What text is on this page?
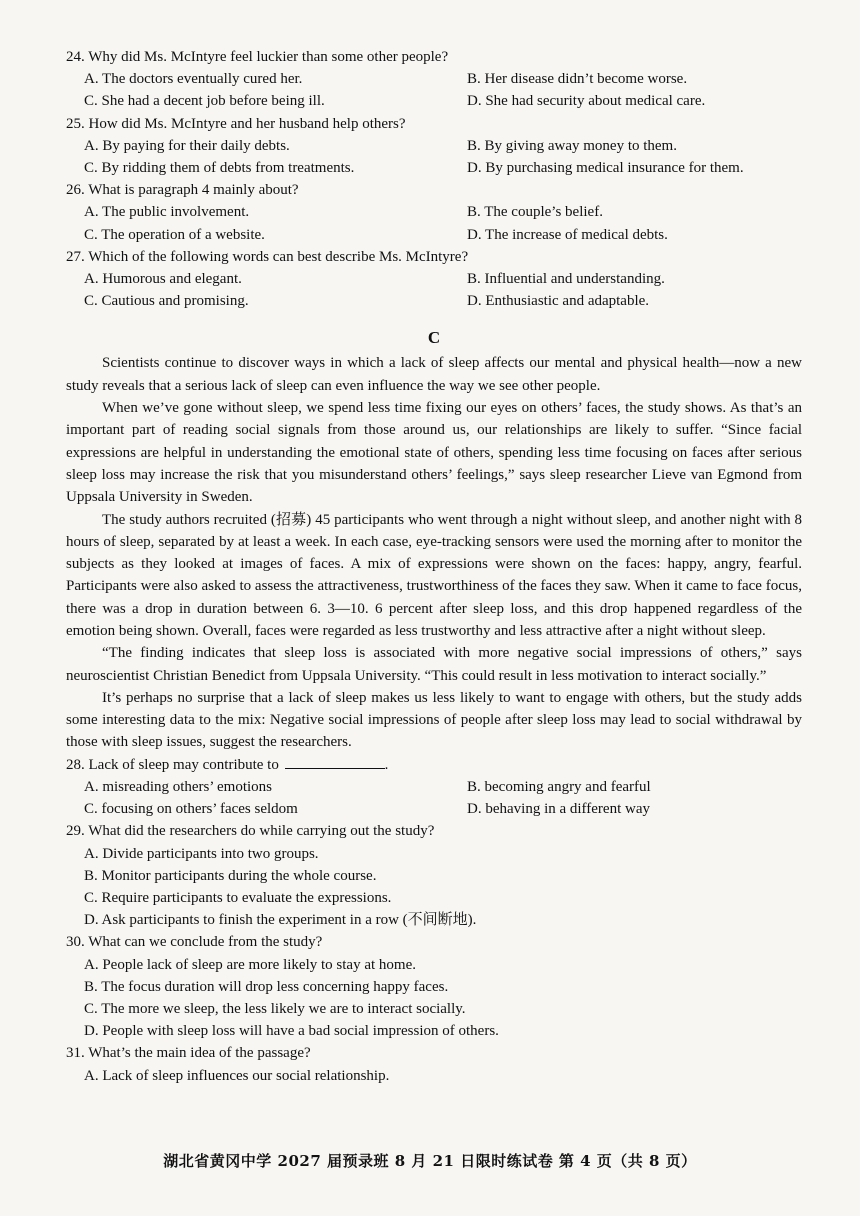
24. Why did Ms. McIntyre feel luckier than some other people?

A. The doctors eventually cured her.	B. Her disease didn’t become worse.
C. She had a decent job before being ill.	D. She had security about medical care.

25. How did Ms. McIntyre and her husband help others?

A. By paying for their daily debts.	B. By giving away money to them.
C. By ridding them of debts from treatments.	D. By purchasing medical insurance for them.

26. What is paragraph 4 mainly about?

A. The public involvement.	B. The couple’s belief.
C. The operation of a website.	D. The increase of medical debts.

27. Which of the following words can best describe Ms. McIntyre?

A. Humorous and elegant.	B. Influential and understanding.
C. Cautious and promising.	D. Enthusiastic and adaptable.
C

Scientists continue to discover ways in which a lack of sleep affects our mental and physical health—now a new study reveals that a serious lack of sleep can even influence the way we see other people.

When we’ve gone without sleep, we spend less time fixing our eyes on others’ faces, the study shows. As that’s an important part of reading social signals from those around us, our relationships are likely to suffer. “Since facial expressions are helpful in understanding the emotional state of others, spending less time focusing on faces after serious sleep loss may increase the risk that you misunderstand others’ feelings,” says sleep researcher Lieve van Egmond from Uppsala University in Sweden.

The study authors recruited (招募) 45 participants who went through a night without sleep, and another night with 8 hours of sleep, separated by at least a week. In each case, eye-tracking sensors were used the morning after to monitor the subjects as they looked at images of faces. A mix of expressions were shown on the faces: happy, angry, fearful. Participants were also asked to assess the attractiveness, trustworthiness of the faces they saw. When it came to face focus, there was a drop in duration between 6. 3—10. 6 percent after sleep loss, and this drop happened regardless of the emotion being shown. Overall, faces were regarded as less trustworthy and less attractive after a night without sleep.

“The finding indicates that sleep loss is associated with more negative social impressions of others,” says neuroscientist Christian Benedict from Uppsala University. “This could result in less motivation to interact socially.”

It’s perhaps no surprise that a lack of sleep makes us less likely to want to engage with others, but the study adds some interesting data to the mix: Negative social impressions of people after sleep loss may lead to social withdrawal by those with sleep issues, suggest the researchers.

28. Lack of sleep may contribute to	.

A. misreading others’ emotions	B. becoming angry and fearful
C. focusing on others’ faces seldom	D. behaving in a different way

29. What did the researchers do while carrying out the study?

A. Divide participants into two groups.
B. Monitor participants during the whole course.
C. Require participants to evaluate the expressions.
D. Ask participants to finish the experiment in a row (不间断地).

30. What can we conclude from the study?

A. People lack of sleep are more likely to stay at home.
B. The focus duration will drop less concerning happy faces.
C. The more we sleep, the less likely we are to interact socially.
D. People with sleep loss will have a bad social impression of others.

31. What’s the main idea of the passage?

A. Lack of sleep influences our social relationship.
湖北省黄冈中学 2027 届预录班 8 月 21 日限时练试卷 第 4 页（共 8 页）
